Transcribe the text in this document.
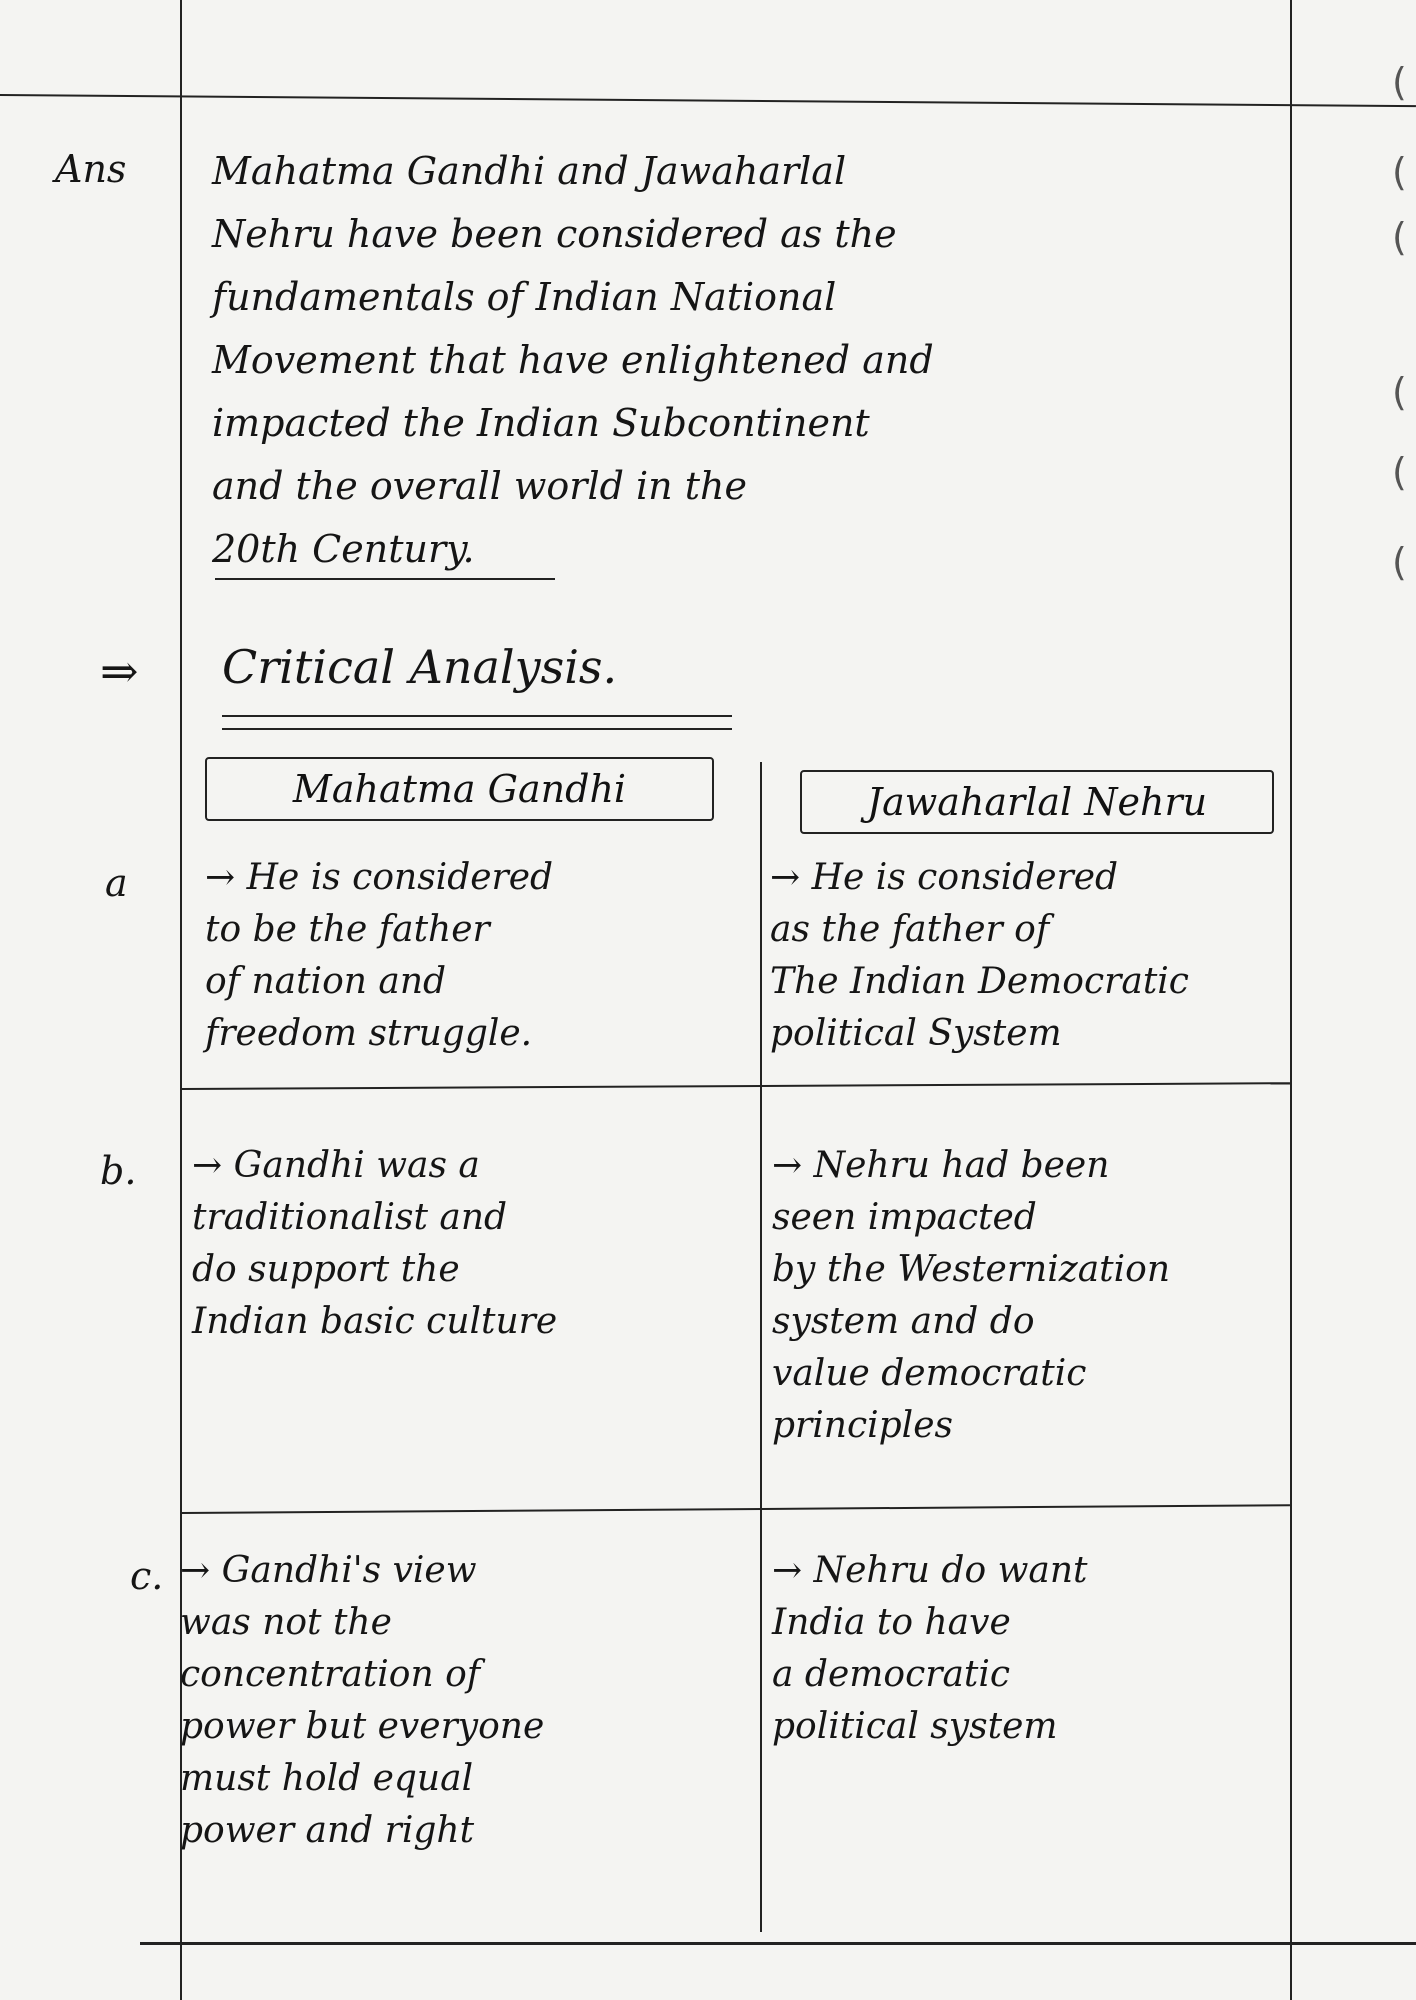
Ans Mahatma Gandhi and Jawaharlal
Nehru have been considered as the
fundamentals of Indian National
Movement that have enlightened and
impacted the Indian Subcontinent
and the overall world in the
20th Century.
⇒ Critical Analysis.
Mahatma Gandhi	Jawaharlal Nehru
a → He is considered
to be the father
of nation and
freedom struggle.
→ He is considered
as the father of
The Indian Democratic
political System
b. → Gandhi was a
traditionalist and
do support the
Indian basic culture
→ Nehru had been
seen impacted
by the Westernization
system and do
value democratic
principles
c. → Gandhi's view
was not the
concentration of
power but everyone
must hold equal
power and right
→ Nehru do want
India to have
a democratic
political system
(
(
(
(
(
(
